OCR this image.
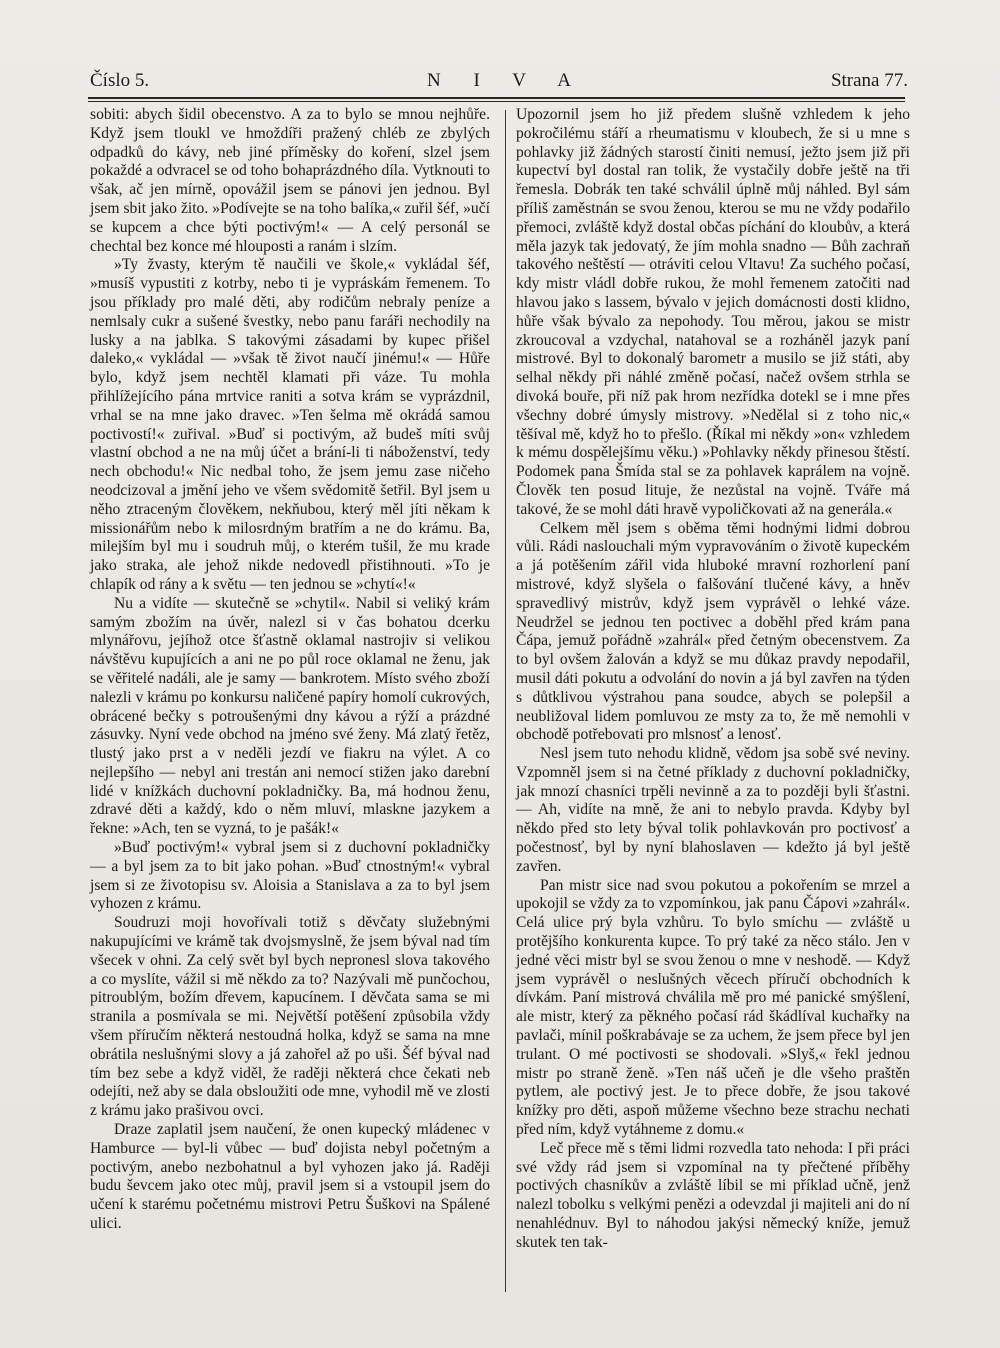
Číslo 5.	N I V A	Strana 77.

sobiti: abych šidil obecenstvo. A za to bylo se mnou nejhůře. Když jsem tloukl ve hmoždíři pražený chléb ze zbylých odpadků do kávy, neb jiné příměsky do koření, slzel jsem pokaždé a odvracel se od toho bohaprázdného díla. Vytknouti to však, ač jen mírně, opovážil jsem se pánovi jen jednou. Byl jsem sbit jako žito. »Podívejte se na toho balíka,« zuřil šéf, »učí se kupcem a chce býti poctivým!« — A celý personál se chechtal bez konce mé hlouposti a ranám i slzím.

»Ty žvasty, kterým tě naučili ve škole,« vykládal šéf, »musíš vypustiti z kotrby, nebo ti je vypráskám řemenem. To jsou příklady pro malé děti, aby rodičům nebraly peníze a nemlsaly cukr a sušené švestky, nebo panu faráři nechodily na lusky a na jablka. S takovými zásadami by kupec přišel daleko,« vykládal — »však tě život naučí jinému!« — Hůře bylo, když jsem nechtěl klamati při váze. Tu mohla přihlížejícího pána mrtvice raniti a sotva krám se vyprázdnil, vrhal se na mne jako dravec. »Ten šelma mě okrádá samou poctivostí!« zuřival. »Buď si poctivým, až budeš míti svůj vlastní obchod a ne na můj účet a brání-li ti náboženství, tedy nech obchodu!« Nic nedbal toho, že jsem jemu zase ničeho neodcizoval a jmění jeho ve všem svědomitě šetřil. Byl jsem u něho ztraceným člověkem, nekňubou, který měl jíti někam k missionářům nebo k milosrdným bratřím a ne do krámu. Ba, milejším byl mu i soudruh můj, o kterém tušil, že mu krade jako straka, ale jehož nikde nedovedl přistihnouti. »To je chlapík od rány a k světu — ten jednou se »chytí«!«

Nu a vidíte — skutečně se »chytil«. Nabil si veliký krám samým zbožím na úvěr, nalezl si v čas bohatou dcerku mlynářovu, jejíhož otce šťastně oklamal nastrojiv si velikou návštěvu kupujících a ani ne po půl roce oklamal ne ženu, jak se věřitelé nadáli, ale je samy — bankrotem. Místo svého zboží nalezli v krámu po konkursu naličené papíry homolí cukrových, obrácené bečky s potroušenými dny kávou a rýží a prázdné zásuvky. Nyní vede obchod na jméno své ženy. Má zlatý řetěz, tlustý jako prst a v neděli jezdí ve fiakru na výlet. A co nejlepšího — nebyl ani trestán ani nemocí stižen jako darební lidé v knížkách duchovní pokladničky. Ba, má hodnou ženu, zdravé děti a každý, kdo o něm mluví, mlaskne jazykem a řekne: »Ach, ten se vyzná, to je pašák!«

»Buď poctivým!« vybral jsem si z duchovní pokladničky — a byl jsem za to bit jako pohan. »Buď ctnostným!« vybral jsem si ze životopisu sv. Aloisia a Stanislava a za to byl jsem vyhozen z krámu.

Soudruzi moji hovořívali totiž s děvčaty služebnými nakupujícími ve krámě tak dvojsmyslně, že jsem býval nad tím všecek v ohni. Za celý svět byl bych nepronesl slova takového a co myslíte, vážil si mě někdo za to? Nazývali mě punčochou, pitroublým, božím dřevem, kapucínem. I děvčata sama se mi stranila a posmívala se mi. Největší potěšení způsobila vždy všem příručím některá nestoudná holka, když se sama na mne obrátila neslušnými slovy a já zahořel až po uši. Šéf býval nad tím bez sebe a když viděl, že raději některá chce čekati neb odejíti, než aby se dala obsloužiti ode mne, vyhodil mě ve zlosti z krámu jako prašivou ovci.

Draze zaplatil jsem naučení, že onen kupecký mládenec v Hamburce — byl-li vůbec — buď dojista nebyl početným a poctivým, anebo nezbohatnul a byl vyhozen jako já. Raději budu ševcem jako otec můj, pravil jsem si a vstoupil jsem do učení k starému početnému mistrovi Petru Šuškovi na Spálené ulici.

Upozornil jsem ho již předem slušně vzhledem k jeho pokročilému stáří a rheumatismu v kloubech, že si u mne s pohlavky již žádných starostí činiti nemusí, ježto jsem již při kupectví byl dostal ran tolik, že vystačily dobře ještě na tři řemesla. Dobrák ten také schválil úplně můj náhled. Byl sám příliš zaměstnán se svou ženou, kterou se mu ne vždy podařilo přemoci, zvláště když dostal občas píchání do kloubův, a která měla jazyk tak jedovatý, že jím mohla snadno — Bůh zachraň takového neštěstí — otráviti celou Vltavu! Za suchého počasí, kdy mistr vládl dobře rukou, že mohl řemenem zatočiti nad hlavou jako s lassem, bývalo v jejich domácnosti dosti klidno, hůře však bývalo za nepohody. Tou měrou, jakou se mistr zkroucoval a vzdychal, natahoval se a rozháněl jazyk paní mistrové. Byl to dokonalý barometr a musilo se již státi, aby selhal někdy při náhlé změně počasí, načež ovšem strhla se divoká bouře, při níž pak hrom nezřídka dotekl se i mne přes všechny dobré úmysly mistrovy. »Nedělal si z toho nic,« těšíval mě, když ho to přešlo. (Říkal mi někdy »on« vzhledem k mému dospělejšímu věku.) »Pohlavky někdy přinesou štěstí. Podomek pana Šmída stal se za pohlavek kaprálem na vojně. Člověk ten posud lituje, že nezůstal na vojně. Tváře má takové, že se mohl dáti hravě vypoličkovati až na generála.«

Celkem měl jsem s oběma těmi hodnými lidmi dobrou vůli. Rádi naslouchali mým vypravováním o životě kupeckém a já potěšením zářil vida hluboké mravní rozhorlení paní mistrové, když slyšela o falšování tlučené kávy, a hněv spravedlivý mistrův, když jsem vyprávěl o lehké váze. Neudržel se jednou ten poctivec a doběhl před krám pana Čápa, jemuž pořádně »zahrál« před četným obecenstvem. Za to byl ovšem žalován a když se mu důkaz pravdy nepodařil, musil dáti pokutu a odvolání do novin a já byl zavřen na týden s důtklivou výstrahou pana soudce, abych se polepšil a neubližoval lidem pomluvou ze msty za to, že mě nemohli v obchodě potřebovati pro mlsnosť a lenosť.

Nesl jsem tuto nehodu klidně, vědom jsa sobě své neviny. Vzpomněl jsem si na četné příklady z duchovní pokladničky, jak mnozí chasníci trpěli nevinně a za to později byli šťastni. — Ah, vidíte na mně, že ani to nebylo pravda. Kdyby byl někdo před sto lety býval tolik pohlavkován pro poctivosť a počestnosť, byl by nyní blahoslaven — kdežto já byl ještě zavřen.

Pan mistr sice nad svou pokutou a pokořením se mrzel a upokojil se vždy za to vzpomínkou, jak panu Čápovi »zahrál«. Celá ulice prý byla vzhůru. To bylo smíchu — zvláště u protějšího konkurenta kupce. To prý také za něco stálo. Jen v jedné věci mistr byl se svou ženou o mne v neshodě. — Když jsem vyprávěl o neslušných věcech příručí obchodních k dívkám. Paní mistrová chválila mě pro mé panické smýšlení, ale mistr, který za pěkného počasí rád škádlíval kuchařky na pavlači, mínil poškrabávaje se za uchem, že jsem přece byl jen trulant. O mé poctivosti se shodovali. »Slyš,« řekl jednou mistr po straně ženě. »Ten náš učeň je dle všeho praštěn pytlem, ale poctivý jest. Je to přece dobře, že jsou takové knížky pro děti, aspoň můžeme všechno beze strachu nechati před ním, když vytáhneme z domu.«

Leč přece mě s těmi lidmi rozvedla tato nehoda: I při práci své vždy rád jsem si vzpomínal na ty přečtené příběhy poctivých chasníkův a zvláště líbil se mi příklad učně, jenž nalezl tobolku s velkými penězi a odevzdal ji majiteli ani do ní nenahlédnuv. Byl to náhodou jakýsi německý kníže, jemuž skutek ten tak-
